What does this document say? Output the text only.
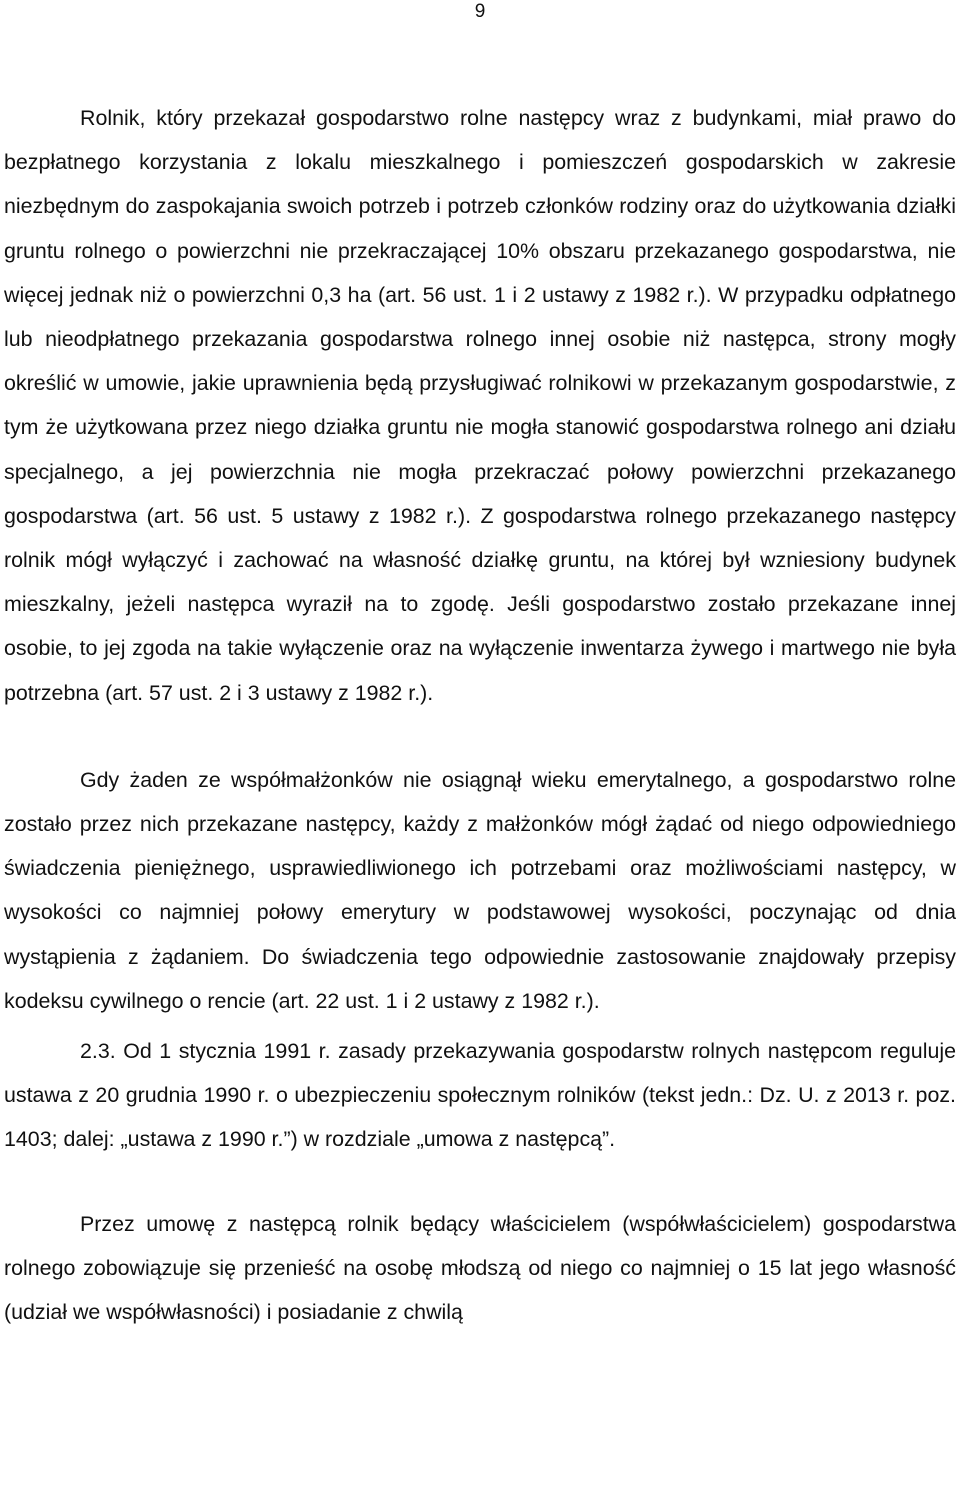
9

Rolnik, który przekazał gospodarstwo rolne następcy wraz z budynkami, miał prawo do bezpłatnego korzystania z lokalu mieszkalnego i pomieszczeń gospodarskich w zakresie niezbędnym do zaspokajania swoich potrzeb i potrzeb członków rodziny oraz do użytkowania działki gruntu rolnego o powierzchni nie przekraczającej 10% obszaru przekazanego gospodarstwa, nie więcej jednak niż o powierzchni 0,3 ha (art. 56 ust. 1 i 2 ustawy z 1982 r.). W przypadku odpłatnego lub nieodpłatnego przekazania gospodarstwa rolnego innej osobie niż następca, strony mogły określić w umowie, jakie uprawnienia będą przysługiwać rolnikowi w przekazanym gospodarstwie, z tym że użytkowana przez niego działka gruntu nie mogła stanowić gospodarstwa rolnego ani działu specjalnego, a jej powierzchnia nie mogła przekraczać połowy powierzchni przekazanego gospodarstwa (art. 56 ust. 5 ustawy z 1982 r.). Z gospodarstwa rolnego przekazanego następcy rolnik mógł wyłączyć i zachować na własność działkę gruntu, na której był wzniesiony budynek mieszkalny, jeżeli następca wyraził na to zgodę. Jeśli gospodarstwo zostało przekazane innej osobie, to jej zgoda na takie wyłączenie oraz na wyłączenie inwentarza żywego i martwego nie była potrzebna (art. 57 ust. 2 i 3 ustawy z 1982 r.).

Gdy żaden ze współmałżonków nie osiągnął wieku emerytalnego, a gospodarstwo rolne zostało przez nich przekazane następcy, każdy z małżonków mógł żądać od niego odpowiedniego świadczenia pieniężnego, usprawiedliwionego ich potrzebami oraz możliwościami następcy, w wysokości co najmniej połowy emerytury w podstawowej wysokości, poczynając od dnia wystąpienia z żądaniem. Do świadczenia tego odpowiednie zastosowanie znajdowały przepisy kodeksu cywilnego o rencie (art. 22 ust. 1 i 2 ustawy z 1982 r.).

2.3. Od 1 stycznia 1991 r. zasady przekazywania gospodarstw rolnych następcom reguluje ustawa z 20 grudnia 1990 r. o ubezpieczeniu społecznym rolników (tekst jedn.: Dz. U. z 2013 r. poz. 1403; dalej: „ustawa z 1990 r.”) w rozdziale „umowa z następcą”.

Przez umowę z następcą rolnik będący właścicielem (współwłaścicielem) gospodarstwa rolnego zobowiązuje się przenieść na osobę młodszą od niego co najmniej o 15 lat jego własność (udział we współwłasności) i posiadanie z chwilą
